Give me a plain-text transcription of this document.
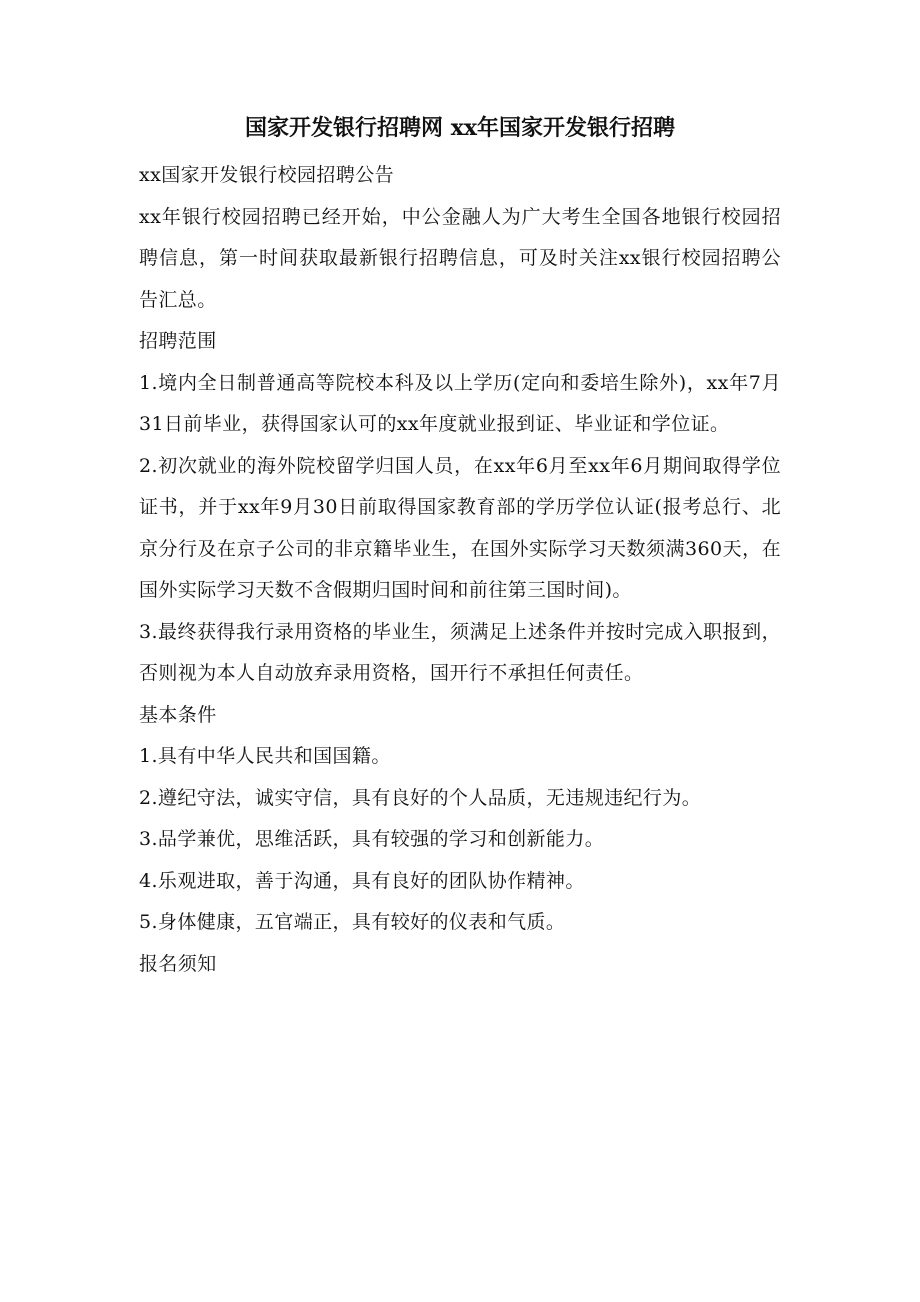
国家开发银行招聘网 xx年国家开发银行招聘

xx国家开发银行校园招聘公告

xx年银行校园招聘已经开始，中公金融人为广大考生全国各地银行校园招聘信息，第一时间获取最新银行招聘信息，可及时关注xx银行校园招聘公告汇总。

招聘范围

1.境内全日制普通高等院校本科及以上学历(定向和委培生除外)，xx年7月31日前毕业，获得国家认可的xx年度就业报到证、毕业证和学位证。

2.初次就业的海外院校留学归国人员，在xx年6月至xx年6月期间取得学位证书，并于xx年9月30日前取得国家教育部的学历学位认证(报考总行、北京分行及在京子公司的非京籍毕业生，在国外实际学习天数须满360天，在国外实际学习天数不含假期归国时间和前往第三国时间)。

3.最终获得我行录用资格的毕业生，须满足上述条件并按时完成入职报到，否则视为本人自动放弃录用资格，国开行不承担任何责任。

基本条件

1.具有中华人民共和国国籍。

2.遵纪守法，诚实守信，具有良好的个人品质，无违规违纪行为。

3.品学兼优，思维活跃，具有较强的学习和创新能力。

4.乐观进取，善于沟通，具有良好的团队协作精神。

5.身体健康，五官端正，具有较好的仪表和气质。

报名须知
